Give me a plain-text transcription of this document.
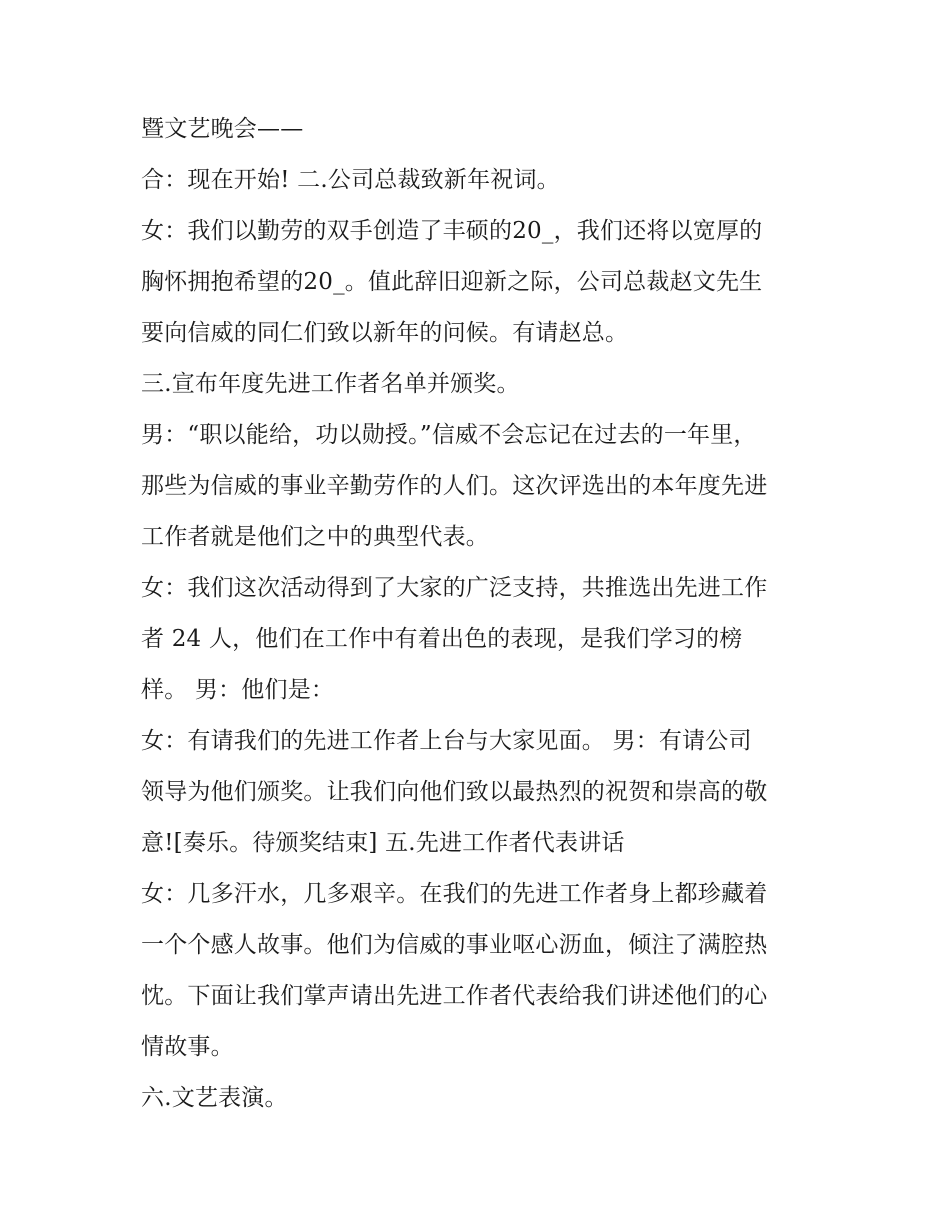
暨文艺晚会——
合：现在开始! 二.公司总裁致新年祝词。
女：我们以勤劳的双手创造了丰硕的20_，我们还将以宽厚的
胸怀拥抱希望的20_。值此辞旧迎新之际，公司总裁赵文先生
要向信威的同仁们致以新年的问候。有请赵总。
三.宣布年度先进工作者名单并颁奖。
男：“职以能给，功以勋授。”信威不会忘记在过去的一年里，
那些为信威的事业辛勤劳作的人们。这次评选出的本年度先进
工作者就是他们之中的典型代表。
女：我们这次活动得到了大家的广泛支持，共推选出先进工作
者 24 人，他们在工作中有着出色的表现，是我们学习的榜
样。 男：他们是：
女：有请我们的先进工作者上台与大家见面。 男：有请公司
领导为他们颁奖。让我们向他们致以最热烈的祝贺和崇高的敬
意![奏乐。待颁奖结束] 五.先进工作者代表讲话
女：几多汗水，几多艰辛。在我们的先进工作者身上都珍藏着
一个个感人故事。他们为信威的事业呕心沥血，倾注了满腔热
忱。下面让我们掌声请出先进工作者代表给我们讲述他们的心
情故事。
六.文艺表演。
